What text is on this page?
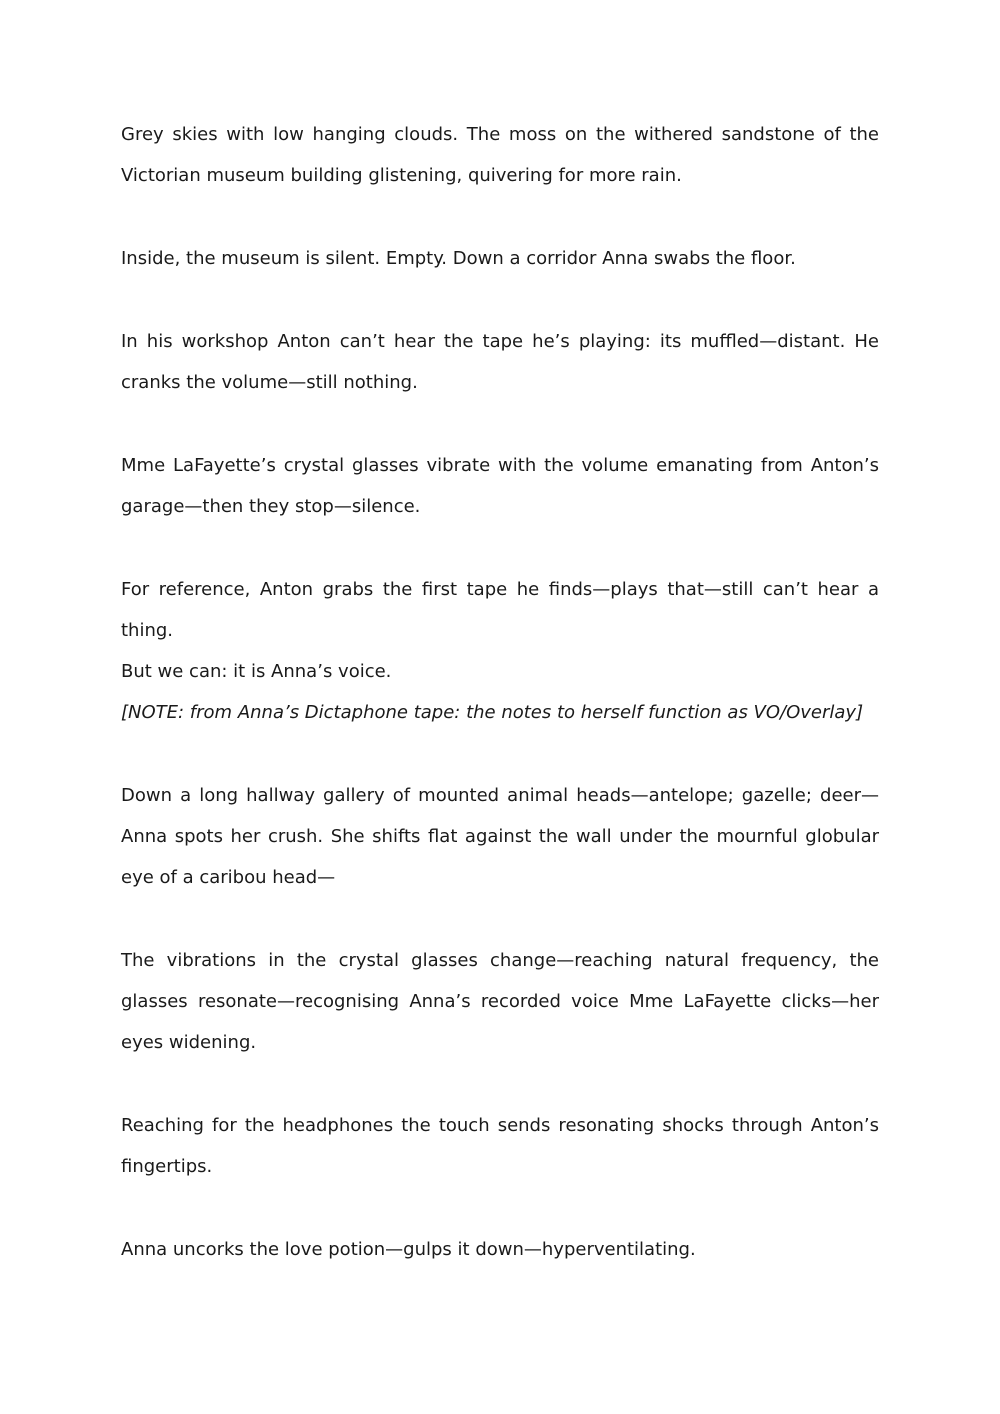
Grey skies with low hanging clouds. The moss on the withered sandstone of the Victorian museum building glistening, quivering for more rain.

Inside, the museum is silent. Empty. Down a corridor Anna swabs the floor.

In his workshop Anton can’t hear the tape he’s playing: its muffled—distant. He cranks the volume—still nothing.

Mme LaFayette’s crystal glasses vibrate with the volume emanating from Anton’s garage—then they stop—silence.

For reference, Anton grabs the first tape he finds—plays that—still can’t hear a thing.

But we can: it is Anna’s voice.

[NOTE: from Anna’s Dictaphone tape: the notes to herself function as VO/Overlay]

Down a long hallway gallery of mounted animal heads—antelope; gazelle; deer—Anna spots her crush. She shifts flat against the wall under the mournful globular eye of a caribou head—

The vibrations in the crystal glasses change—reaching natural frequency, the glasses resonate—recognising Anna’s recorded voice Mme LaFayette clicks—her eyes widening.

Reaching for the headphones the touch sends resonating shocks through Anton’s fingertips.

Anna uncorks the love potion—gulps it down—hyperventilating.
